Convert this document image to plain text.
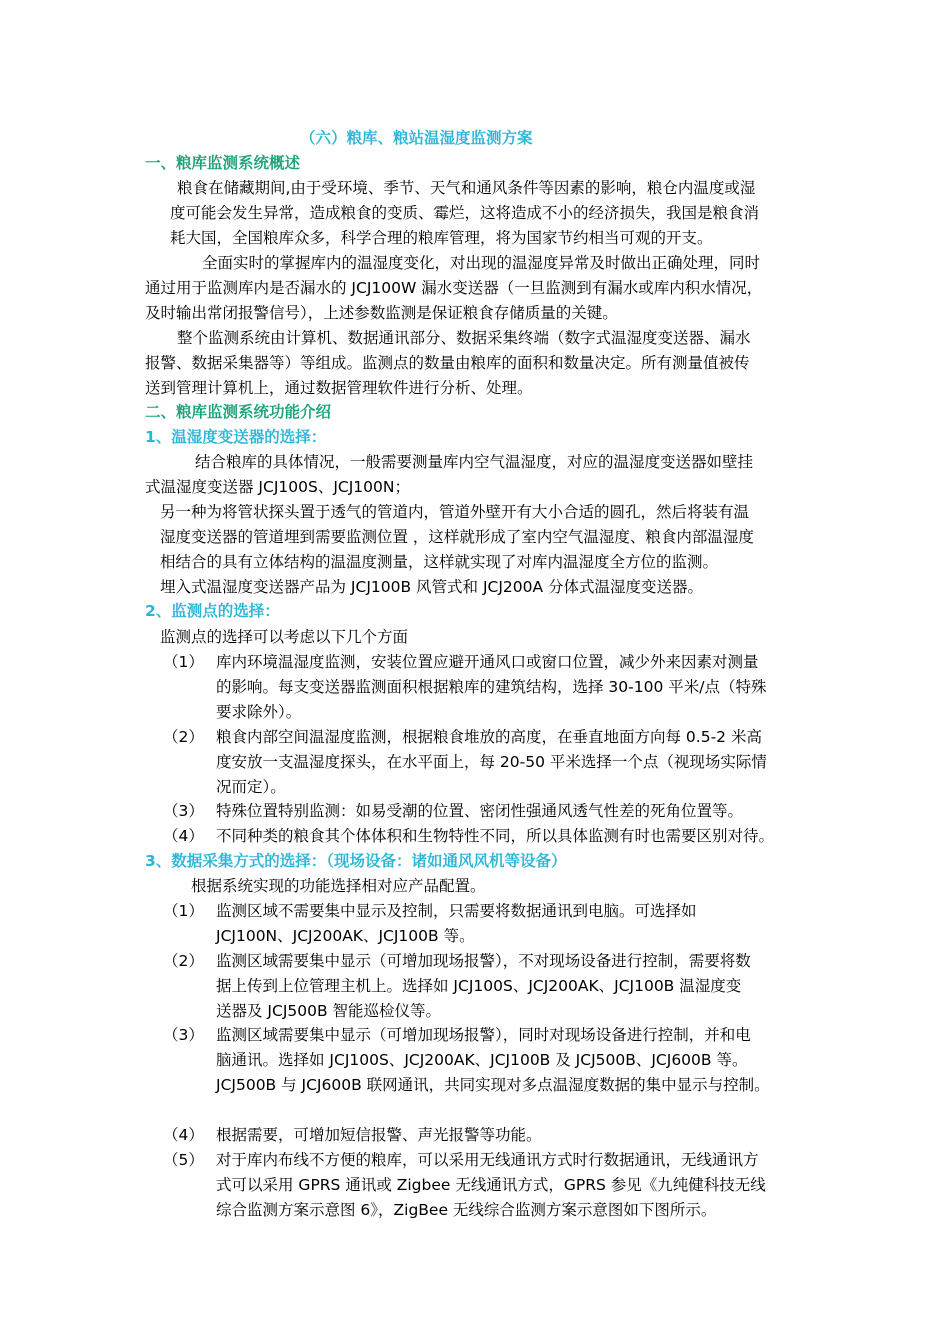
（六）粮库、粮站温湿度监测方案
一、粮库监测系统概述
粮食在储藏期间,由于受环境、季节、天气和通风条件等因素的影响，粮仓内温度或湿
度可能会发生异常，造成粮食的变质、霉烂，这将造成不小的经济损失，我国是粮食消
耗大国，全国粮库众多，科学合理的粮库管理，将为国家节约相当可观的开支。
全面实时的掌握库内的温湿度变化，对出现的温湿度异常及时做出正确处理，同时
通过用于监测库内是否漏水的 JCJ100W 漏水变送器（一旦监测到有漏水或库内积水情况，
及时输出常闭报警信号），上述参数监测是保证粮食存储质量的关键。
整个监测系统由计算机、数据通讯部分、数据采集终端（数字式温湿度变送器、漏水
报警、数据采集器等）等组成。监测点的数量由粮库的面积和数量决定。所有测量值被传
送到管理计算机上，通过数据管理软件进行分析、处理。
二、粮库监测系统功能介绍
1、温湿度变送器的选择：
结合粮库的具体情况，一般需要测量库内空气温湿度，对应的温湿度变送器如壁挂
式温湿度变送器 JCJ100S、JCJ100N；
另一种为将管状探头置于透气的管道内，管道外壁开有大小合适的圆孔，然后将装有温
湿度变送器的管道埋到需要监测位置 ，这样就形成了室内空气温湿度、粮食内部温湿度
相结合的具有立体结构的温温度测量，这样就实现了对库内温湿度全方位的监测。
埋入式温湿度变送器产品为 JCJ100B 风管式和 JCJ200A 分体式温湿度变送器。
2、监测点的选择：
监测点的选择可以考虑以下几个方面
（1） 库内环境温湿度监测，安装位置应避开通风口或窗口位置，减少外来因素对测量
的影响。每支变送器监测面积根据粮库的建筑结构，选择 30-100 平米/点（特殊
要求除外）。
（2） 粮食内部空间温湿度监测，根据粮食堆放的高度，在垂直地面方向每 0.5-2 米高
度安放一支温湿度探头，在水平面上，每 20-50 平米选择一个点（视现场实际情
况而定）。
（3） 特殊位置特别监测：如易受潮的位置、密闭性强通风透气性差的死角位置等。
（4） 不同种类的粮食其个体体积和生物特性不同，所以具体监测有时也需要区别对待。
3、数据采集方式的选择：（现场设备：诸如通风风机等设备）
根据系统实现的功能选择相对应产品配置。
（1） 监测区域不需要集中显示及控制，只需要将数据通讯到电脑。可选择如
JCJ100N、JCJ200AK、JCJ100B 等。
（2） 监测区域需要集中显示（可增加现场报警），不对现场设备进行控制，需要将数
据上传到上位管理主机上。选择如 JCJ100S、JCJ200AK、JCJ100B 温湿度变
送器及 JCJ500B 智能巡检仪等。
（3） 监测区域需要集中显示（可增加现场报警），同时对现场设备进行控制，并和电
脑通讯。选择如 JCJ100S、JCJ200AK、JCJ100B 及 JCJ500B、JCJ600B 等。
JCJ500B 与 JCJ600B 联网通讯，共同实现对多点温湿度数据的集中显示与控制。
（4） 根据需要，可增加短信报警、声光报警等功能。
（5） 对于库内布线不方便的粮库，可以采用无线通讯方式时行数据通讯，无线通讯方
式可以采用 GPRS 通讯或 Zigbee 无线通讯方式，GPRS 参见《九纯健科技无线
综合监测方案示意图 6》，ZigBee 无线综合监测方案示意图如下图所示。
